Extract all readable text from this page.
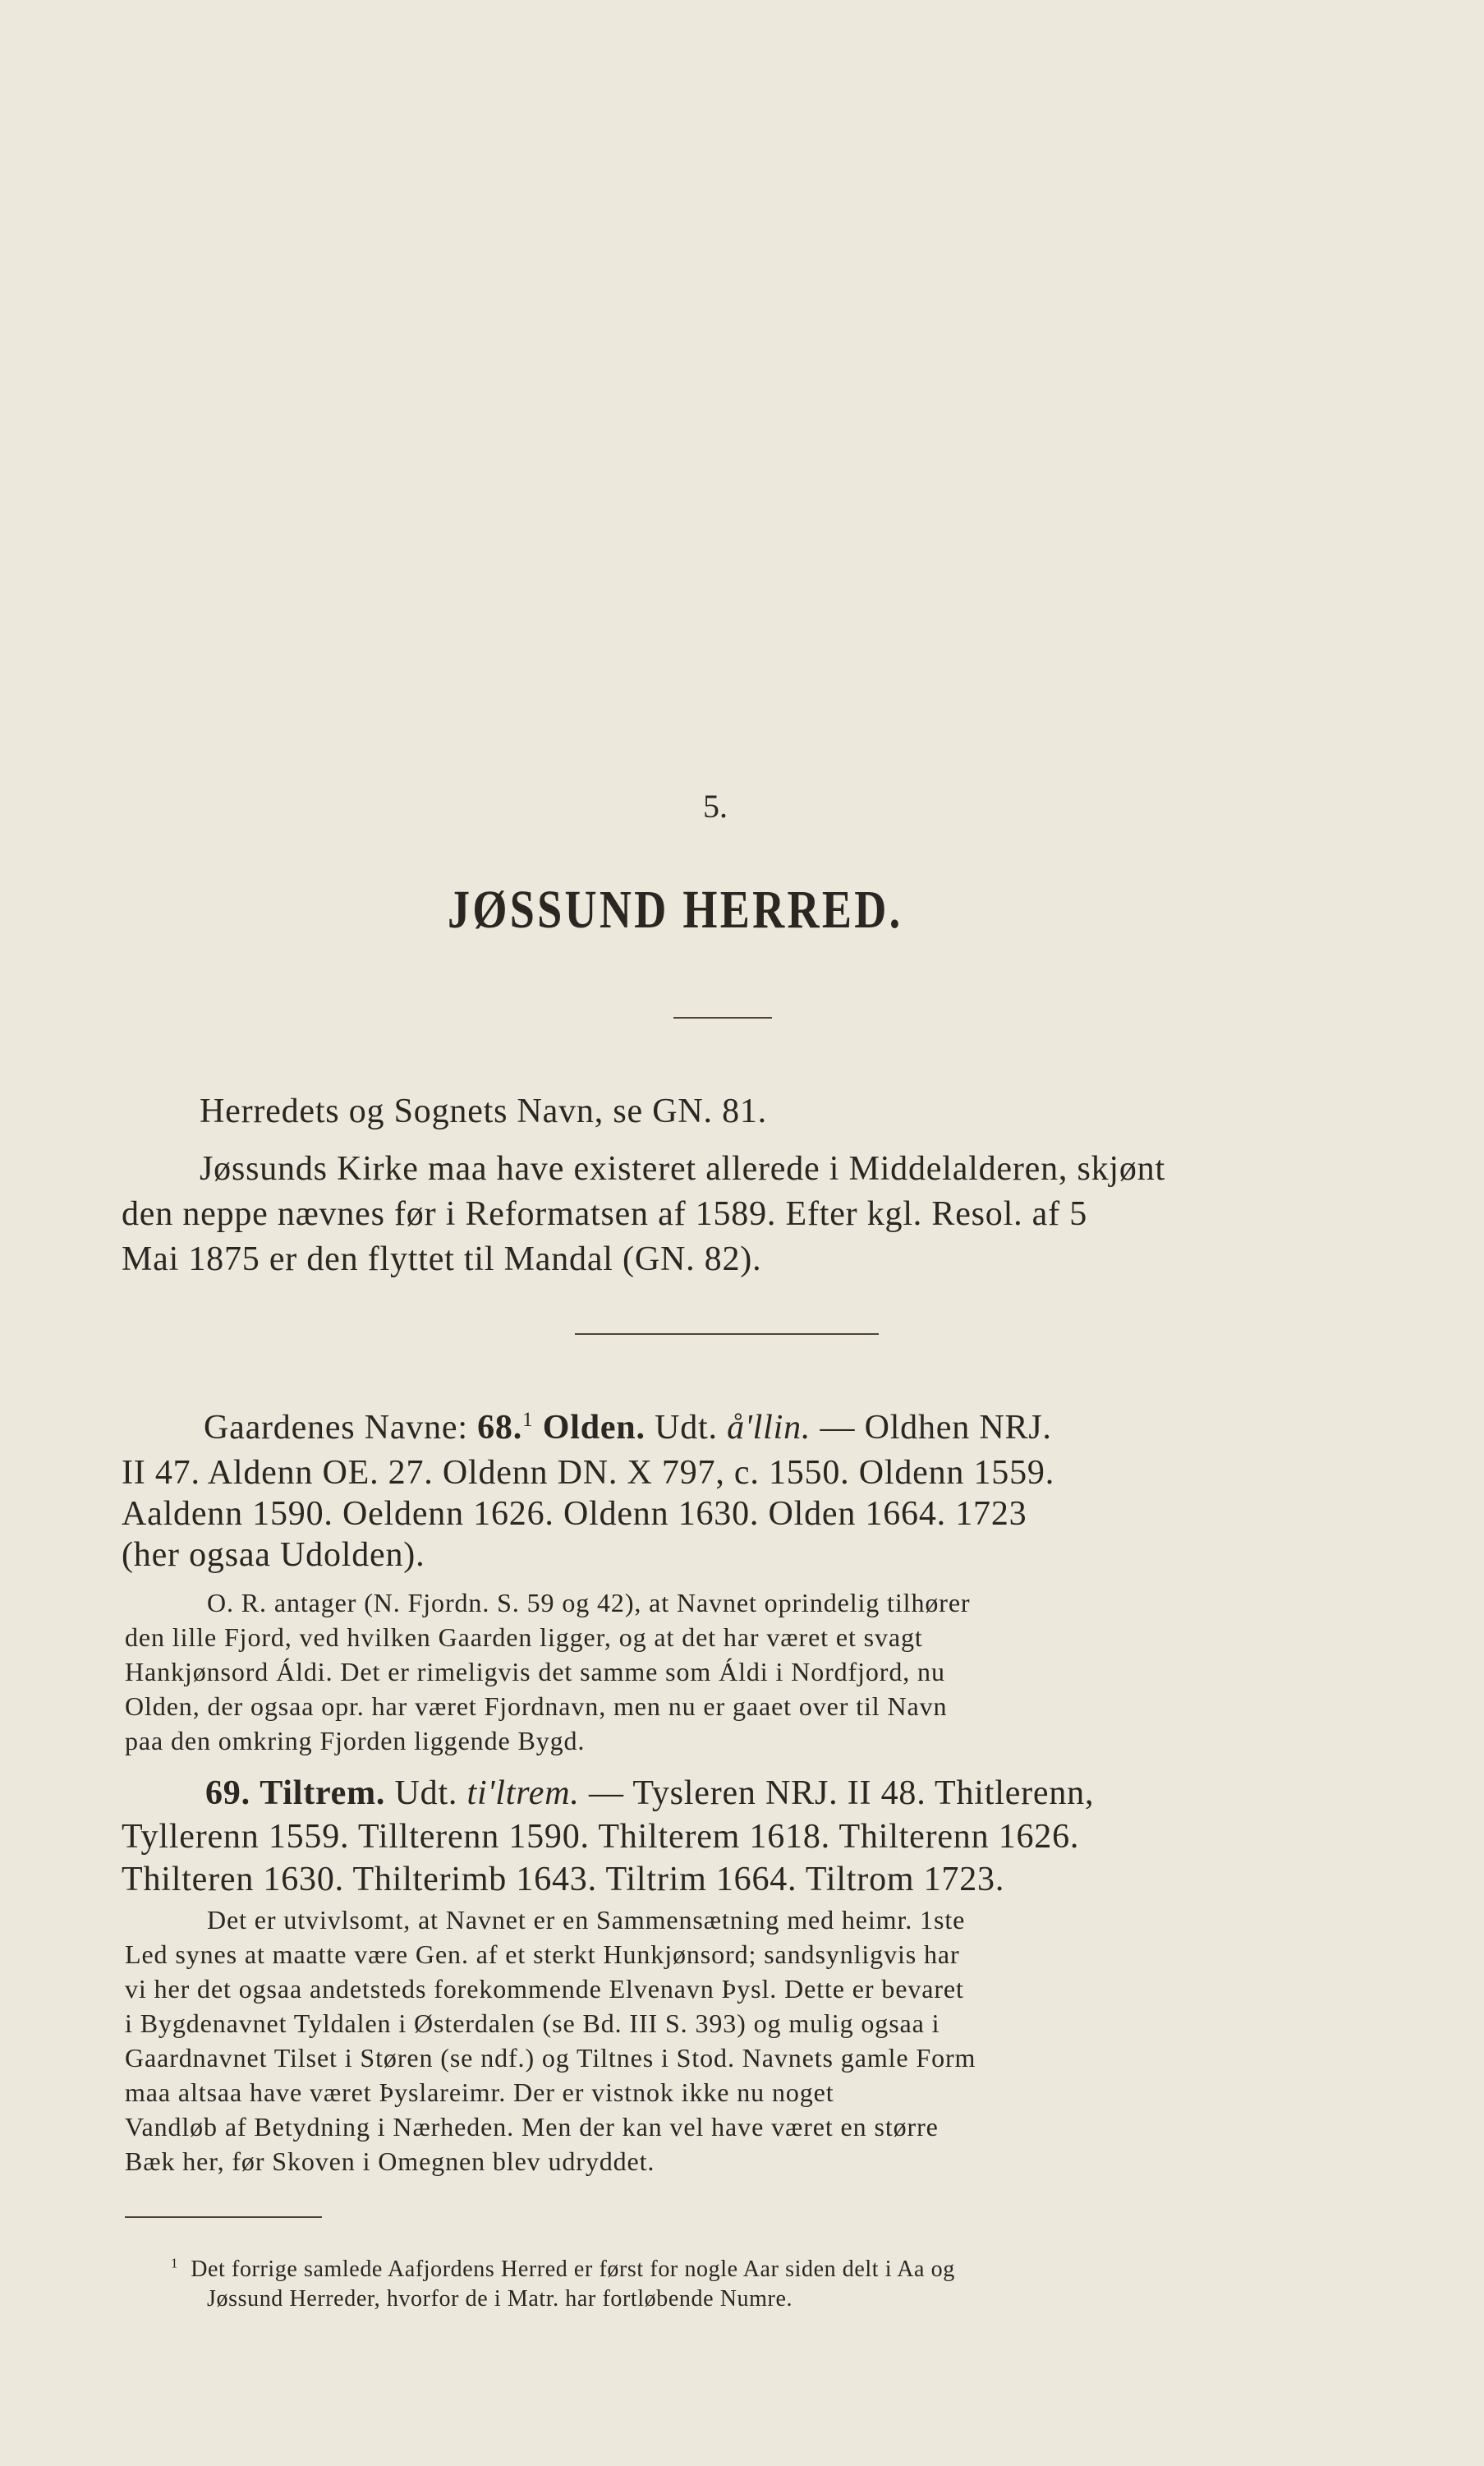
5.
JØSSUND HERRED.
Herredets og Sognets Navn, se GN. 81.
Jøssunds Kirke maa have existeret allerede i Middelalderen, skjønt
den neppe nævnes før i Reformatsen af 1589. Efter kgl. Resol. af 5
Mai 1875 er den flyttet til Mandal (GN. 82).
Gaardenes Navne: 68.$^1$ Olden. Udt. å'llin. — Oldhen NRJ.
II 47. Aldenn OE. 27. Oldenn DN. X 797, c. 1550. Oldenn 1559.
Aaldenn 1590. Oeldenn 1626. Oldenn 1630. Olden 1664. 1723
(her ogsaa Udolden).
O. R. antager (N. Fjordn. S. 59 og 42), at Navnet oprindelig tilhører
den lille Fjord, ved hvilken Gaarden ligger, og at det har været et svagt
Hankjønsord Áldi. Det er rimeligvis det samme som Áldi i Nordfjord, nu
Olden, der ogsaa opr. har været Fjordnavn, men nu er gaaet over til Navn
paa den omkring Fjorden liggende Bygd.
69. Tiltrem. Udt. ti'ltrem. — Tysleren NRJ. II 48. Thitlerenn,
Tyllerenn 1559. Tillterenn 1590. Thilterem 1618. Thilterenn 1626.
Thilteren 1630. Thilterimb 1643. Tiltrim 1664. Tiltrom 1723.
Det er utvivlsomt, at Navnet er en Sammensætning med heimr. 1ste
Led synes at maatte være Gen. af et sterkt Hunkjønsord; sandsynligvis har
vi her det ogsaa andetsteds forekommende Elvenavn Þysl. Dette er bevaret
i Bygdenavnet Tyldalen i Østerdalen (se Bd. III S. 393) og mulig ogsaa i
Gaardnavnet Tilset i Støren (se ndf.) og Tiltnes i Stod. Navnets gamle Form
maa altsaa have været Þyslareimr. Der er vistnok ikke nu noget
Vandløb af Betydning i Nærheden. Men der kan vel have været en større
Bæk her, før Skoven i Omegnen blev udryddet.
$^1$ Det forrige samlede Aafjordens Herred er først for nogle Aar siden delt i Aa og
Jøssund Herreder, hvorfor de i Matr. har fortløbende Numre.
